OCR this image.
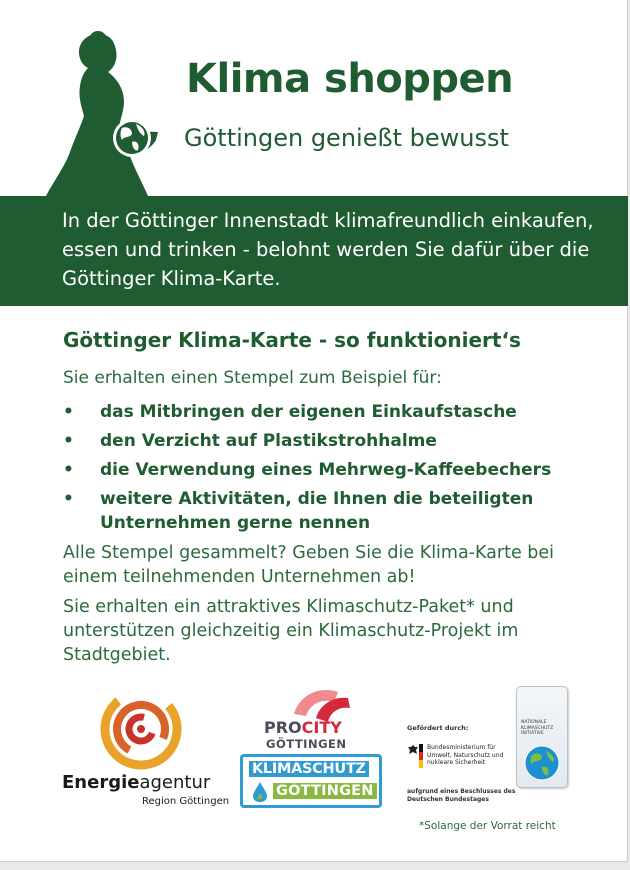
Klima shoppen
Göttingen genießt bewusst
In der Göttinger Innenstadt klimafreundlich einkaufen, essen und trinken - belohnt werden Sie dafür über die Göttinger Klima-Karte.
Göttinger Klima-Karte - so funktioniert‘s
Sie erhalten einen Stempel zum Beispiel für:
• das Mitbringen der eigenen Einkaufstasche
• den Verzicht auf Plastikstrohhalme
• die Verwendung eines Mehrweg-Kaffeebechers
• weitere Aktivitäten, die Ihnen die beteiligten Unternehmen gerne nennen
Alle Stempel gesammelt? Geben Sie die Klima-Karte bei einem teilnehmenden Unternehmen ab!
Sie erhalten ein attraktives Klimaschutz-Paket* und unterstützen gleichzeitig ein Klimaschutz-Projekt im Stadtgebiet.
Energieagentur
Region Göttingen
PROCITY
GÖTTINGEN
KLIMASCHUTZ
GÖTTINGEN
Gefördert durch:
Bundesministerium für Umwelt, Naturschutz und nukleare Sicherheit
aufgrund eines Beschlusses des Deutschen Bundestages
NATIONALE KLIMASCHUTZ INITIATIVE
*Solange der Vorrat reicht
